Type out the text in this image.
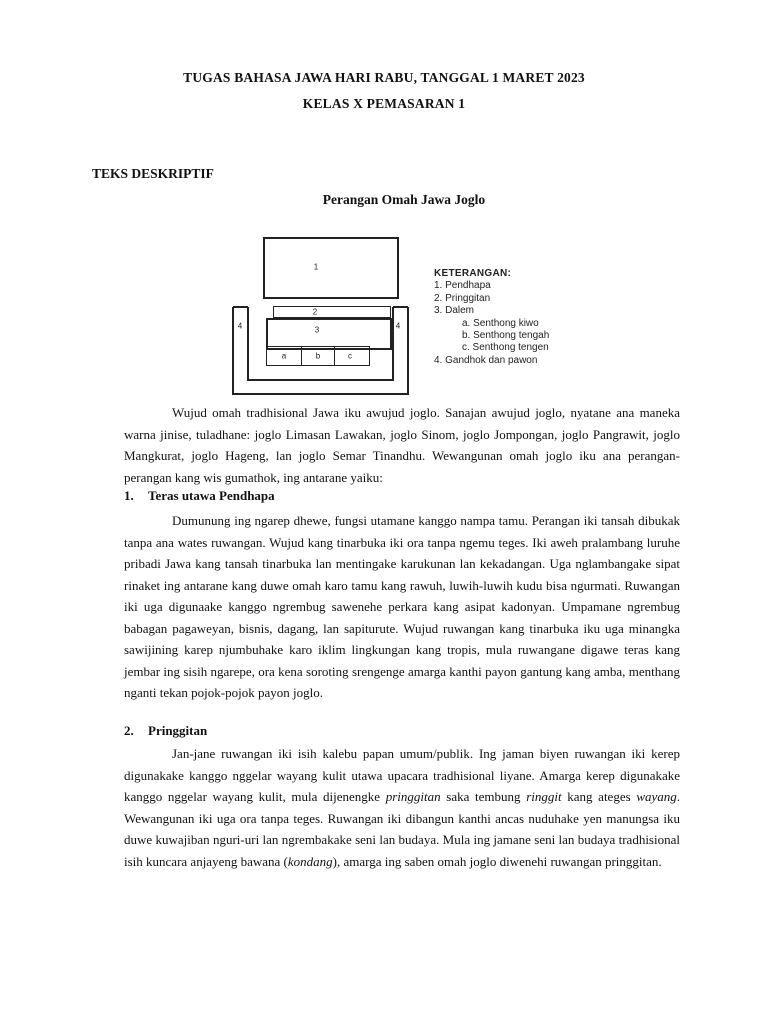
TUGAS BAHASA JAWA HARI RABU, TANGGAL 1 MARET 2023
KELAS X PEMASARAN 1
TEKS DESKRIPTIF
Perangan Omah Jawa Joglo
1
2
3
a	b	c
4	4
KETERANGAN:
1. Pendhapa
2. Pringgitan
3. Dalem
a. Senthong kiwo
b. Senthong tengah
c. Senthong tengen
4. Gandhok dan pawon

Wujud omah tradhisional Jawa iku awujud joglo. Sanajan awujud joglo, nyatane ana maneka warna jinise, tuladhane: joglo Limasan Lawakan, joglo Sinom, joglo Jompongan, joglo Pangrawit, joglo Mangkurat, joglo Hageng, lan joglo Semar Tinandhu. Wewangunan omah joglo iku ana perangan-perangan kang wis gumathok, ing antarane yaiku:

1. Teras utawa Pendhapa

Dumunung ing ngarep dhewe, fungsi utamane kanggo nampa tamu. Perangan iki tansah dibukak tanpa ana wates ruwangan. Wujud kang tinarbuka iki ora tanpa ngemu teges. Iki aweh pralambang luruhe pribadi Jawa kang tansah tinarbuka lan mentingake karukunan lan kekadangan. Uga nglambangake sipat rinaket ing antarane kang duwe omah karo tamu kang rawuh, luwih-luwih kudu bisa ngurmati. Ruwangan iki uga digunaake kanggo ngrembug sawenehe perkara kang asipat kadonyan. Umpamane ngrembug babagan pagaweyan, bisnis, dagang, lan sapiturute. Wujud ruwangan kang tinarbuka iku uga minangka sawijining karep njumbuhake karo iklim lingkungan kang tropis, mula ruwangane digawe teras kang jembar ing sisih ngarepe, ora kena soroting srengenge amarga kanthi payon gantung kang amba, menthang nganti tekan pojok-pojok payon joglo.

2. Pringgitan

Jan-jane ruwangan iki isih kalebu papan umum/publik. Ing jaman biyen ruwangan iki kerep digunakake kanggo nggelar wayang kulit utawa upacara tradhisional liyane. Amarga kerep digunakake kanggo nggelar wayang kulit, mula dijenengke pringgitan saka tembung ringgit kang ateges wayang. Wewangunan iki uga ora tanpa teges. Ruwangan iki dibangun kanthi ancas nuduhake yen manungsa iku duwe kuwajiban nguri-uri lan ngrembakake seni lan budaya. Mula ing jamane seni lan budaya tradhisional isih kuncara anjayeng bawana (kondang), amarga ing saben omah joglo diwenehi ruwangan pringgitan.
